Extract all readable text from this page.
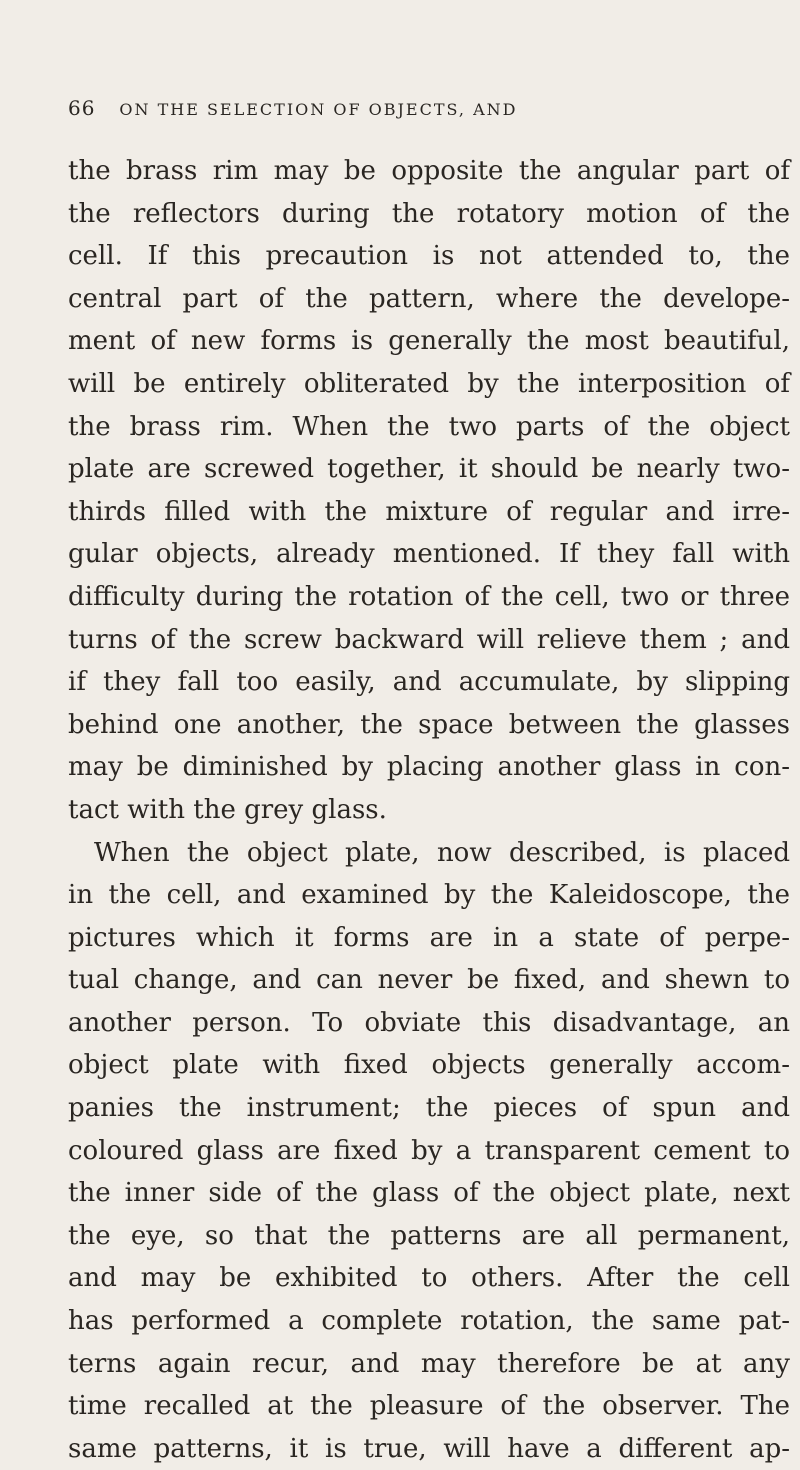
66 ON THE SELECTION OF OBJECTS, AND
the brass rim may be opposite the angular part of
the reflectors during the rotatory motion of the
cell. If this precaution is not attended to, the
central part of the pattern, where the develope-
ment of new forms is generally the most beautiful,
will be entirely obliterated by the interposition of
the brass rim. When the two parts of the object
plate are screwed together, it should be nearly two-
thirds filled with the mixture of regular and irre-
gular objects, already mentioned. If they fall with
difficulty during the rotation of the cell, two or three
turns of the screw backward will relieve them ; and
if they fall too easily, and accumulate, by slipping
behind one another, the space between the glasses
may be diminished by placing another glass in con-
tact with the grey glass.
When the object plate, now described, is placed
in the cell, and examined by the Kaleidoscope, the
pictures which it forms are in a state of perpe-
tual change, and can never be fixed, and shewn to
another person. To obviate this disadvantage, an
object plate with fixed objects generally accom-
panies the instrument; the pieces of spun and
coloured glass are fixed by a transparent cement to
the inner side of the glass of the object plate, next
the eye, so that the patterns are all permanent,
and may be exhibited to others. After the cell
has performed a complete rotation, the same pat-
terns again recur, and may therefore be at any
time recalled at the pleasure of the observer. The
same patterns, it is true, will have a different ap-
